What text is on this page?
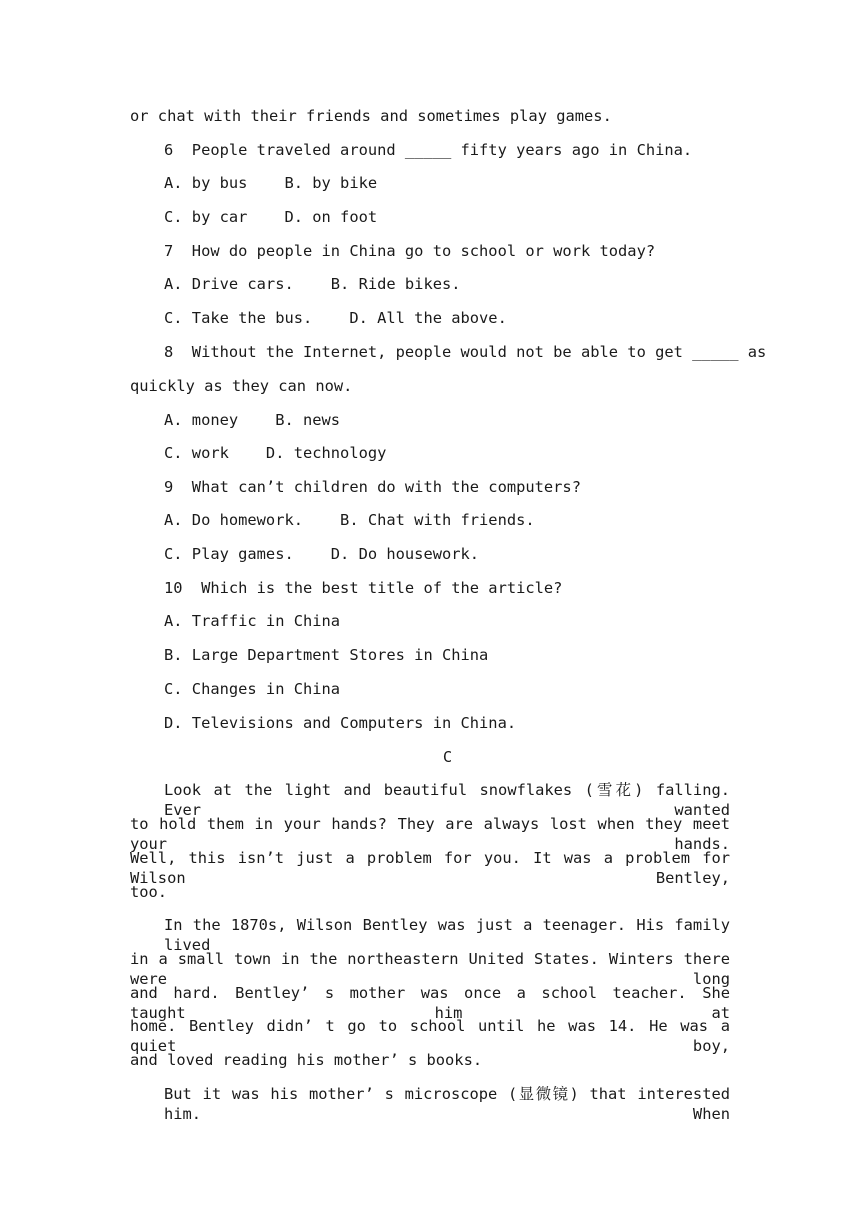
or chat with their friends and sometimes play games.
6  People traveled around _____ fifty years ago in China.
A. by bus    B. by bike
C. by car    D. on foot
7  How do people in China go to school or work today?
A. Drive cars.    B. Ride bikes.
C. Take the bus.    D. All the above.
8  Without the Internet, people would not be able to get _____ as
quickly as they can now.
A. money    B. news
C. work    D. technology
9  What can’t children do with the computers?
A. Do homework.    B. Chat with friends.
C. Play games.    D. Do housework.
10  Which is the best title of the article?
A. Traffic in China
B. Large Department Stores in China
C. Changes in China
D. Televisions and Computers in China.
C
Look at the light and beautiful snowflakes (雪花) falling. Ever wanted
to hold them in your hands? They are always lost when they meet your hands.
Well, this isn’t just a problem for you. It was a problem for Wilson Bentley,
too.
In the 1870s, Wilson Bentley was just a teenager. His family lived
in a small town in the northeastern United States. Winters there were long
and hard. Bentley’ s mother was once a school teacher. She taught him at
home. Bentley didn’ t go to school until he was 14. He was a quiet boy,
and loved reading his mother’ s books.
But it was his mother’ s microscope (显微镜) that interested him. When
